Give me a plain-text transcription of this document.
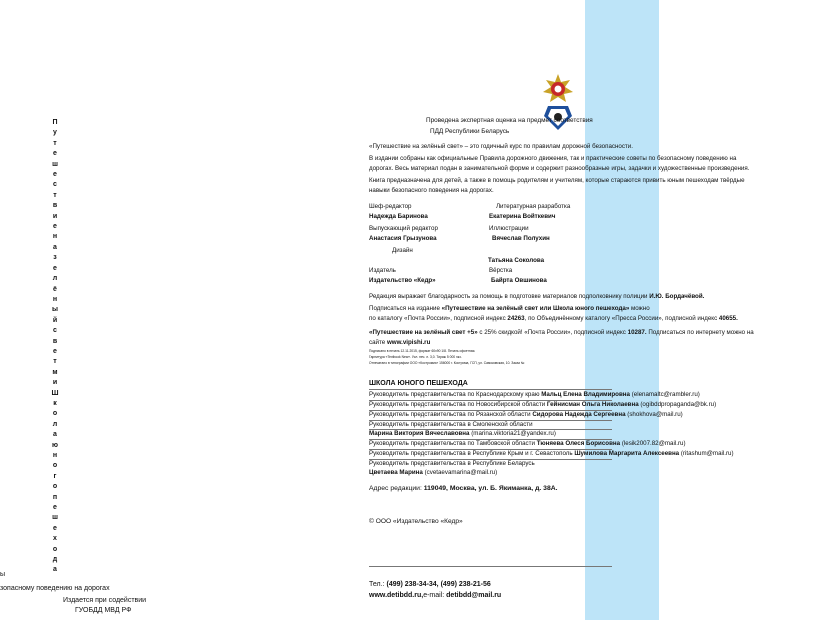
П
у
т
е
ш
е
с
т
в
и
е
н
а
з
е
л
ё
н
ы
й
с
в
е
т
м
и
Ш
к
о
л
а
ю
н
о
г
о
п
е
ш
е
х
о
д
а
ы
зопасному поведению на дорогах
Издается при содействии
ГУОБДД МВД РФ
Проведена экспертная оценка на предмет соответствия
ПДД Республики Беларусь
«Путешествие на зелёный свет» – это годичный курс по правилам дорожной безопасности.
В издании собраны как официальные Правила дорожного движения, так и практические советы по безопасному поведению на
дорогах. Весь материал подан в занимательной форме и содержит разнообразные игры, задачки и художественные произведения.
Книга предназначена для детей, а также в помощь родителям и учителям, которые стараются привить юным пешеходам твёрдые
навыки безопасного поведения на дорогах.
Шеф-редактор
Надежда Баринова
Литературная разработка
Екатерина Войткевич
Выпускающий редактор
Анастасия Грызунова
Иллюстрации
Вячеслав Полухин
Дизайн
Татьяна Соколова
Издатель
Издательство «Кедр»
Вёрстка
Байрта Овшинова
Редакция выражает благодарность за помощь в подготовке материалов подполковнику полиции И.Ю. Бордачёвой.
Подписаться на издание «Путешествие на зелёный свет или Школа юного пешехода» можно
по каталогу «Почта России», подписной индекс 24263, по Объединённому каталогу «Пресса России», подписной индекс 40655.
«Путешествие на зелёный свет +5» с 25% скидкой! «Почта России», подписной индекс 10287. Подписаться по интернету можно на
сайте www.vipishi.ru
Подписано в печать 12.11.2015, формат 60х90 1/8. Печать офсетная.
Гарнитура «Textbook New». Усл. печ. л. 3,0. Тираж 5 000 экз.
Отпечатано в типографии ООО «Костромиз» 156000 г. Кострома, ГСП, ул. Самоковская, 10. Заказ №
ШКОЛА ЮНОГО ПЕШЕХОДА
Руководитель представительства по Краснодарскому краю Мальц Елена Владимировна (elenamaltc@rambler.ru)
Руководитель представительства по Новосибирской области Гейнисман Ольга Николаевна (ogibddpropaganda@bk.ru)
Руководитель представительства по Рязанской области Сидорова Надежда Сергеевна (shokhova@mail.ru)
Руководитель представительства в Смоленской области
Марина Виктория Вячеславовна (marina.viktoria21@yandex.ru)
Руководитель представительства по Тамбовской области Тюняева Олеся Борисовна (lesik2007.82@mail.ru)
Руководитель представительства в Республике Крым и г. Севастополь Шумилова Маргарита Алексеевна (ritashum@mail.ru)
Руководитель представительства в Республике Беларусь
Цветаева Марина (cvetaevamarina@mail.ru)
Адрес редакции: 119049, Москва, ул. Б. Якиманка, д. 38А.
© ООО «Издательство «Кедр»
Тел.: (499) 238-34-34, (499) 238-21-56
www.detibdd.ru,e-mail: detibdd@mail.ru
